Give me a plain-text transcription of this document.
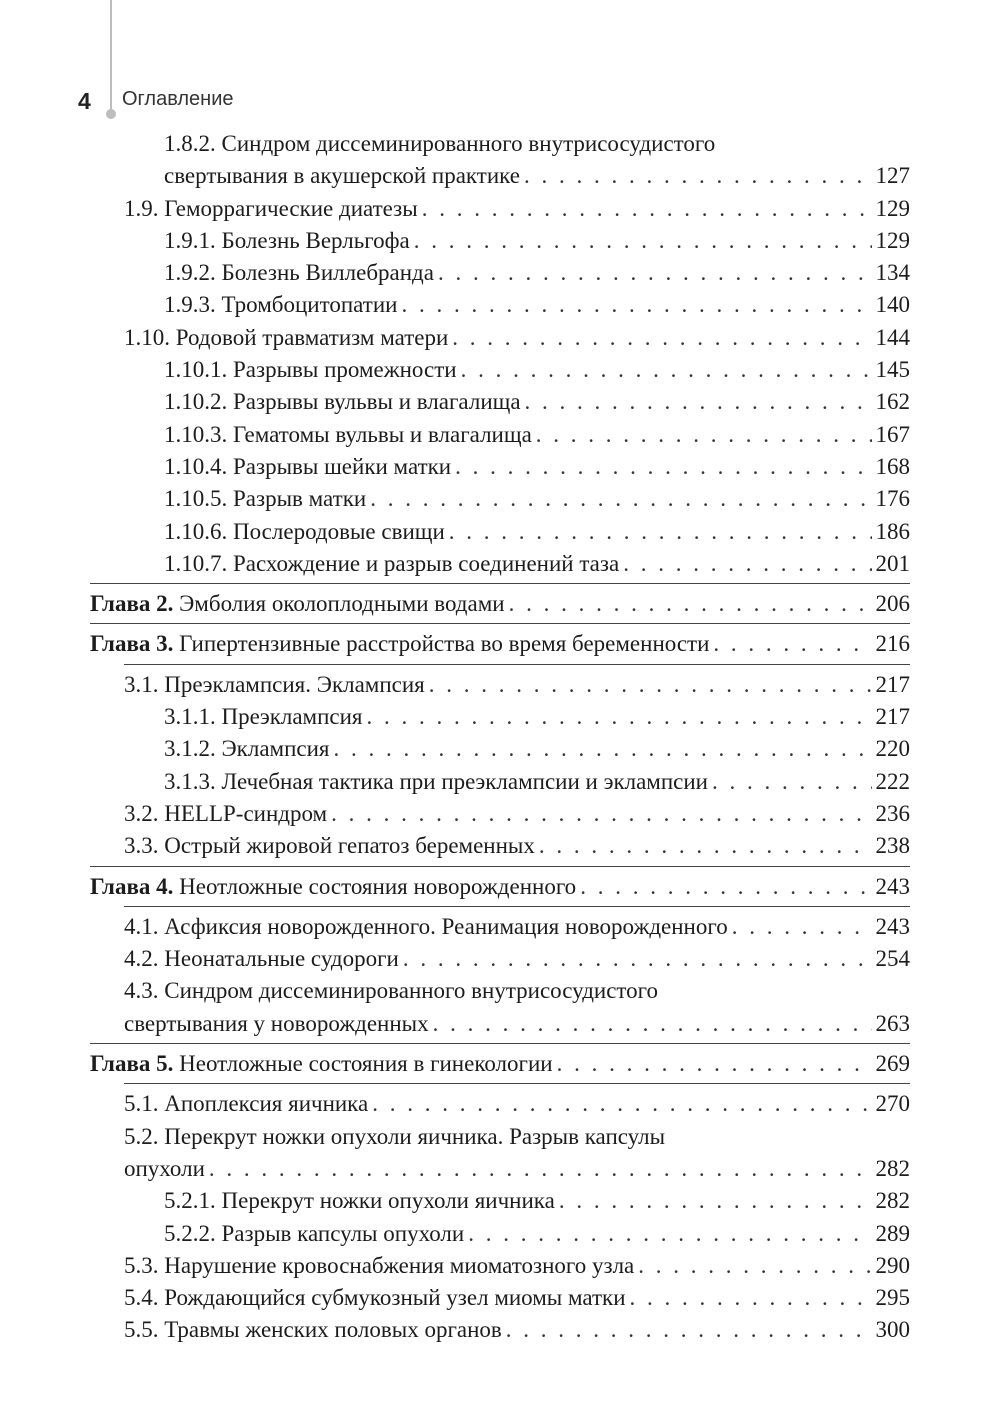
4 Оглавление
1.8.2. Синдром диссеминированного внутрисосудистого
свертывания в акушерской практике . . .	127
1.9. Геморрагические диатезы . . .	129
1.9.1. Болезнь Верльгофа . . .	129
1.9.2. Болезнь Виллебранда . . .	134
1.9.3. Тромбоцитопатии . . .	140
1.10. Родовой травматизм матери . . .	144
1.10.1. Разрывы промежности . . .	145
1.10.2. Разрывы вульвы и влагалища . . .	162
1.10.3. Гематомы вульвы и влагалища . . .	167
1.10.4. Разрывы шейки матки . . .	168
1.10.5. Разрыв матки . . .	176
1.10.6. Послеродовые свищи . . .	186
1.10.7. Расхождение и разрыв соединений таза . . .	201
Глава 2. Эмболия околоплодными водами . . .	206
Глава 3. Гипертензивные расстройства во время беременности . . .	216
3.1. Преэклампсия. Эклампсия . . .	217
3.1.1. Преэклампсия . . .	217
3.1.2. Эклампсия . . .	220
3.1.3. Лечебная тактика при преэклампсии и эклампсии . . .	222
3.2. HELLP-синдром . . .	236
3.3. Острый жировой гепатоз беременных . . .	238
Глава 4. Неотложные состояния новорожденного . . .	243
4.1. Асфиксия новорожденного. Реанимация новорожденного . . .	243
4.2. Неонатальные судороги . . .	254
4.3. Синдром диссеминированного внутрисосудистого
свертывания у новорожденных . . .	263
Глава 5. Неотложные состояния в гинекологии . . .	269
5.1. Апоплексия яичника . . .	270
5.2. Перекрут ножки опухоли яичника. Разрыв капсулы
опухоли . . .	282
5.2.1. Перекрут ножки опухоли яичника . . .	282
5.2.2. Разрыв капсулы опухоли . . .	289
5.3. Нарушение кровоснабжения миоматозного узла . . .	290
5.4. Рождающийся субмукозный узел миомы матки . . .	295
5.5. Травмы женских половых органов . . .	300
